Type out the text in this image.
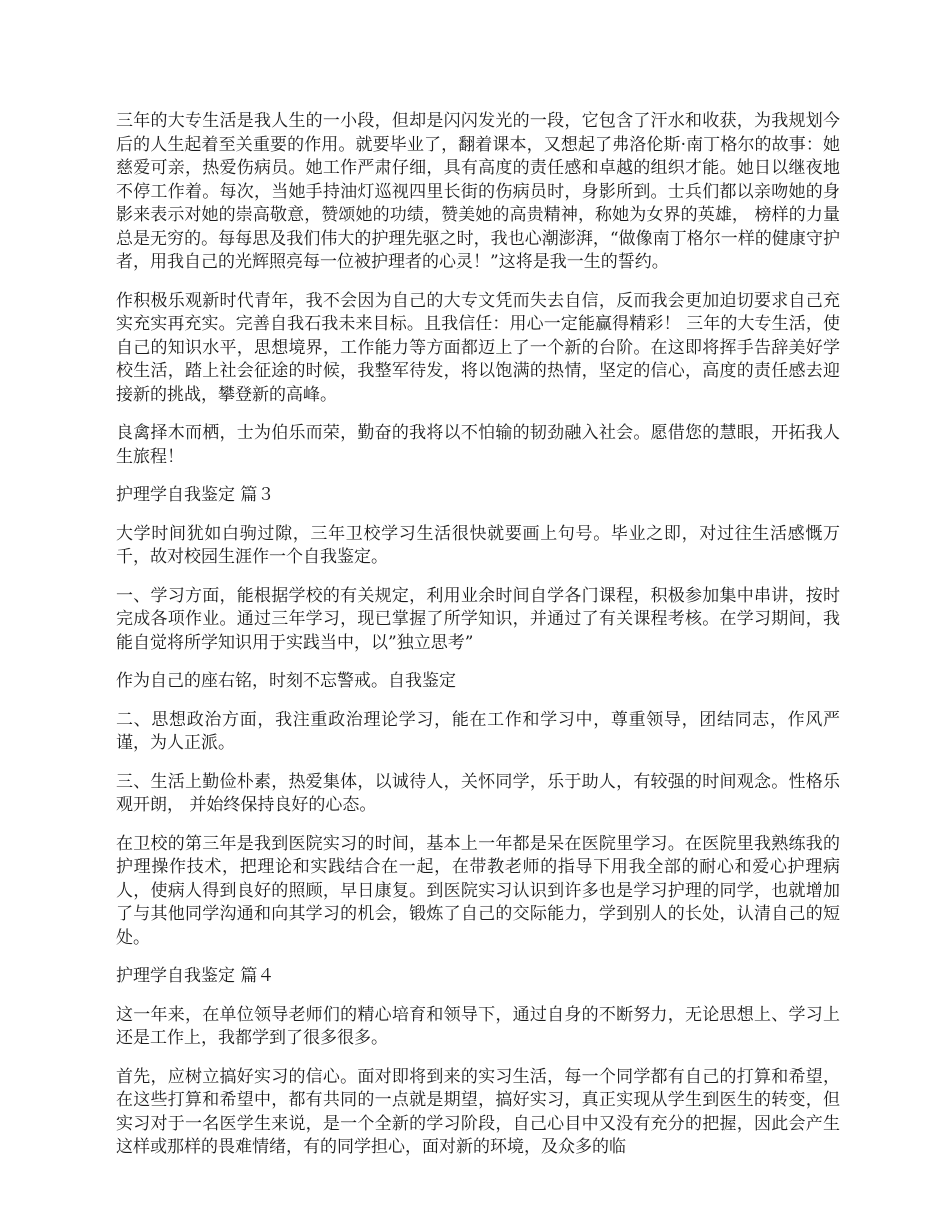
三年的大专生活是我人生的一小段，但却是闪闪发光的一段，它包含了汗水和收获，为我规划今后的人生起着至关重要的作用。就要毕业了，翻着课本，又想起了弗洛伦斯·南丁格尔的故事：她慈爱可亲，热爱伤病员。她工作严肃仔细，具有高度的责任感和卓越的组织才能。她日以继夜地不停工作着。每次，当她手持油灯巡视四里长街的伤病员时，身影所到。士兵们都以亲吻她的身影来表示对她的崇高敬意，赞颂她的功绩，赞美她的高贵精神，称她为女界的英雄， 榜样的力量总是无穷的。每每思及我们伟大的护理先驱之时，我也心潮澎湃，“做像南丁格尔一样的健康守护者，用我自己的光辉照亮每一位被护理者的心灵！”这将是我一生的誓约。

作积极乐观新时代青年，我不会因为自己的大专文凭而失去自信，反而我会更加迫切要求自己充实充实再充实。完善自我石我未来目标。且我信任：用心一定能赢得精彩！ 三年的大专生活，使自己的知识水平，思想境界，工作能力等方面都迈上了一个新的台阶。在这即将挥手告辞美好学校生活，踏上社会征途的时候，我整军待发，将以饱满的热情，坚定的信心，高度的责任感去迎接新的挑战，攀登新的高峰。

良禽择木而栖，士为伯乐而荣，勤奋的我将以不怕输的韧劲融入社会。愿借您的慧眼，开拓我人生旅程！

护理学自我鉴定 篇３

大学时间犹如白驹过隙，三年卫校学习生活很快就要画上句号。毕业之即，对过往生活感慨万千，故对校园生涯作一个自我鉴定。

一、学习方面，能根据学校的有关规定，利用业余时间自学各门课程，积极参加集中串讲，按时完成各项作业。通过三年学习，现已掌握了所学知识，并通过了有关课程考核。在学习期间，我能自觉将所学知识用于实践当中，以”独立思考”

作为自己的座右铭，时刻不忘警戒。自我鉴定

二、思想政治方面，我注重政治理论学习，能在工作和学习中，尊重领导，团结同志，作风严谨，为人正派。

三、生活上勤俭朴素，热爱集体，以诚待人，关怀同学，乐于助人，有较强的时间观念。性格乐观开朗， 并始终保持良好的心态。

在卫校的第三年是我到医院实习的时间，基本上一年都是呆在医院里学习。在医院里我熟练我的护理操作技术，把理论和实践结合在一起，在带教老师的指导下用我全部的耐心和爱心护理病人，使病人得到良好的照顾，早日康复。到医院实习认识到许多也是学习护理的同学，也就增加了与其他同学沟通和向其学习的机会，锻炼了自己的交际能力，学到别人的长处，认清自己的短处。

护理学自我鉴定 篇４

这一年来，在单位领导老师们的精心培育和领导下，通过自身的不断努力，无论思想上、学习上还是工作上，我都学到了很多很多。

首先，应树立搞好实习的信心。面对即将到来的实习生活，每一个同学都有自己的打算和希望，在这些打算和希望中，都有共同的一点就是期望，搞好实习，真正实现从学生到医生的转变，但实习对于一名医学生来说，是一个全新的学习阶段，自己心目中又没有充分的把握，因此会产生这样或那样的畏难情绪，有的同学担心，面对新的环境，及众多的临
